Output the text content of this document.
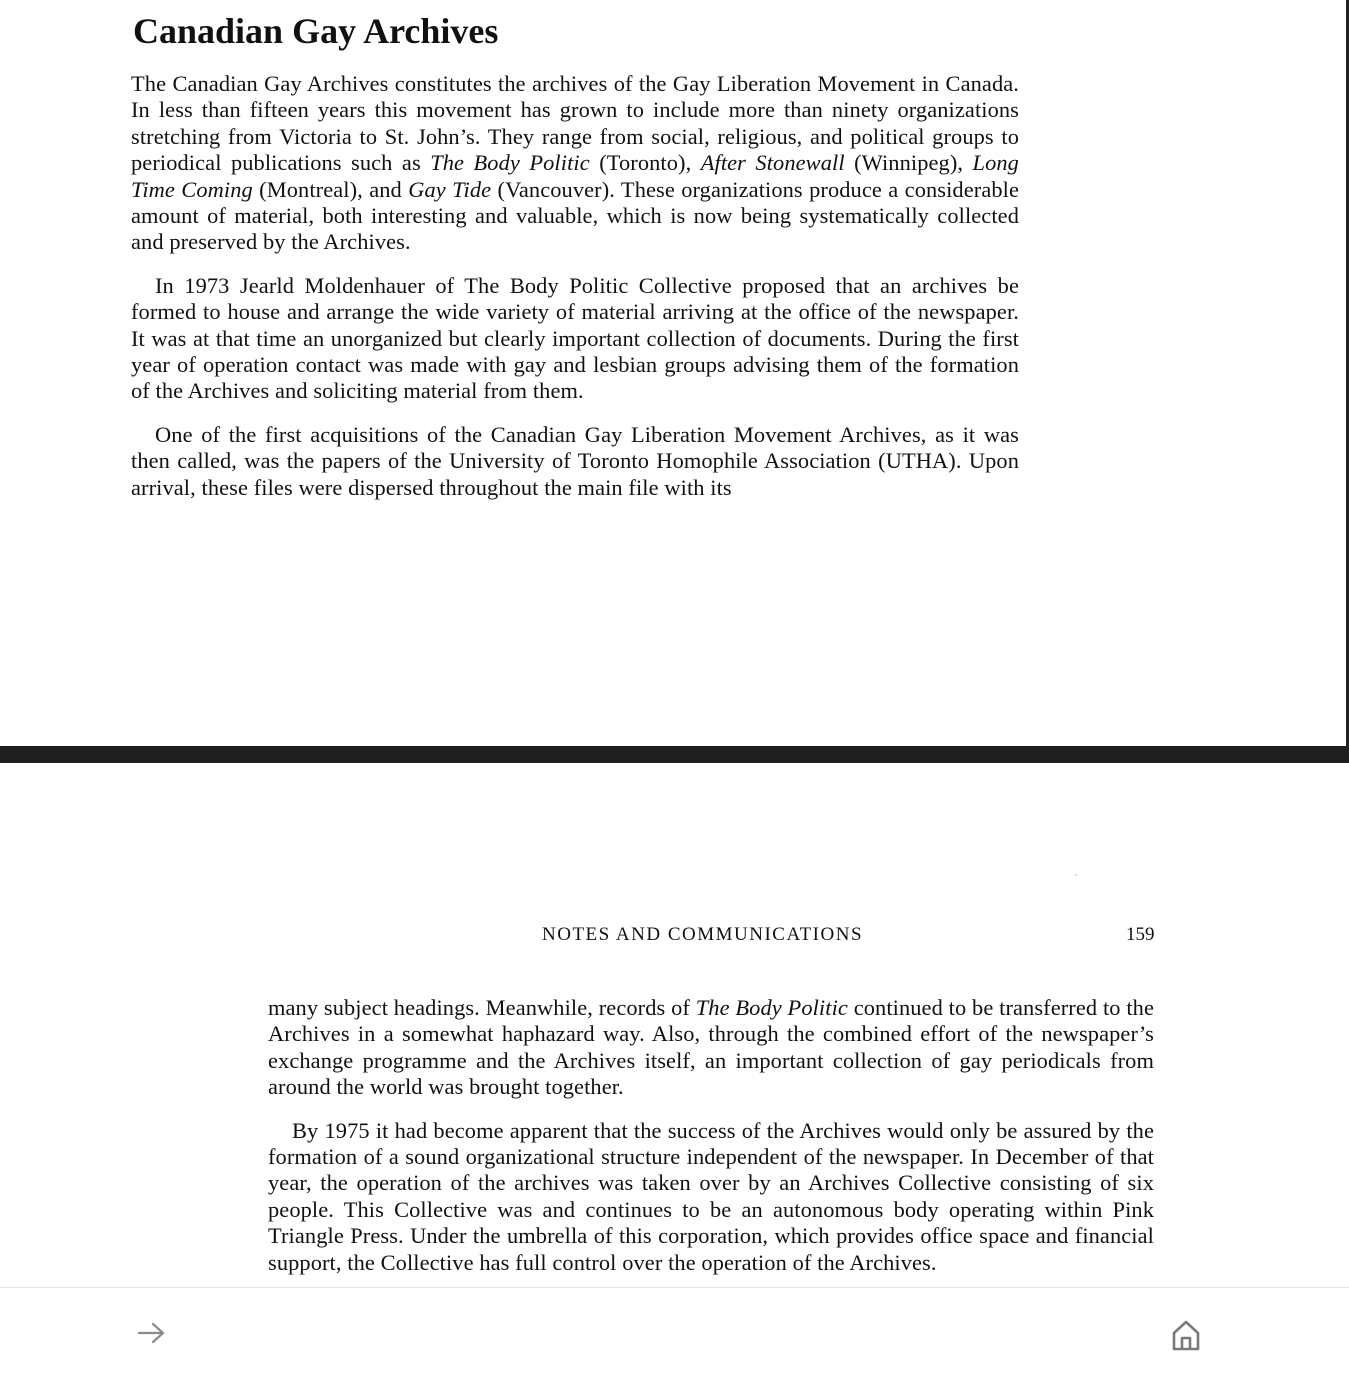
Canadian Gay Archives

The Canadian Gay Archives constitutes the archives of the Gay Liberation Movement in Canada. In less than fifteen years this movement has grown to include more than ninety organizations stretching from Victoria to St. John’s. They range from social, religious, and political groups to periodical publications such as The Body Politic (Toronto), After Stonewall (Winnipeg), Long Time Coming (Montreal), and Gay Tide (Vancouver). These organizations produce a considerable amount of material, both interesting and valuable, which is now being systematically collected and preserved by the Archives.

In 1973 Jearld Moldenhauer of The Body Politic Collective proposed that an archives be formed to house and arrange the wide variety of material arriving at the office of the newspaper. It was at that time an unorganized but clearly important collection of documents. During the first year of operation contact was made with gay and lesbian groups advising them of the formation of the Archives and soliciting material from them.

One of the first acquisitions of the Canadian Gay Liberation Movement Archives, as it was then called, was the papers of the University of Toronto Homophile Association (UTHA). Upon arrival, these files were dispersed throughout the main file with its

NOTES AND COMMUNICATIONS	159

many subject headings. Meanwhile, records of The Body Politic continued to be transferred to the Archives in a somewhat haphazard way. Also, through the combined effort of the newspaper’s exchange programme and the Archives itself, an important collection of gay periodicals from around the world was brought together.

By 1975 it had become apparent that the success of the Archives would only be assured by the formation of a sound organizational structure independent of the newspaper. In December of that year, the operation of the archives was taken over by an Archives Collective consisting of six people. This Collective was and continues to be an autonomous body operating within Pink Triangle Press. Under the umbrella of this corporation, which provides office space and financial support, the Collective has full control over the operation of the Archives.
